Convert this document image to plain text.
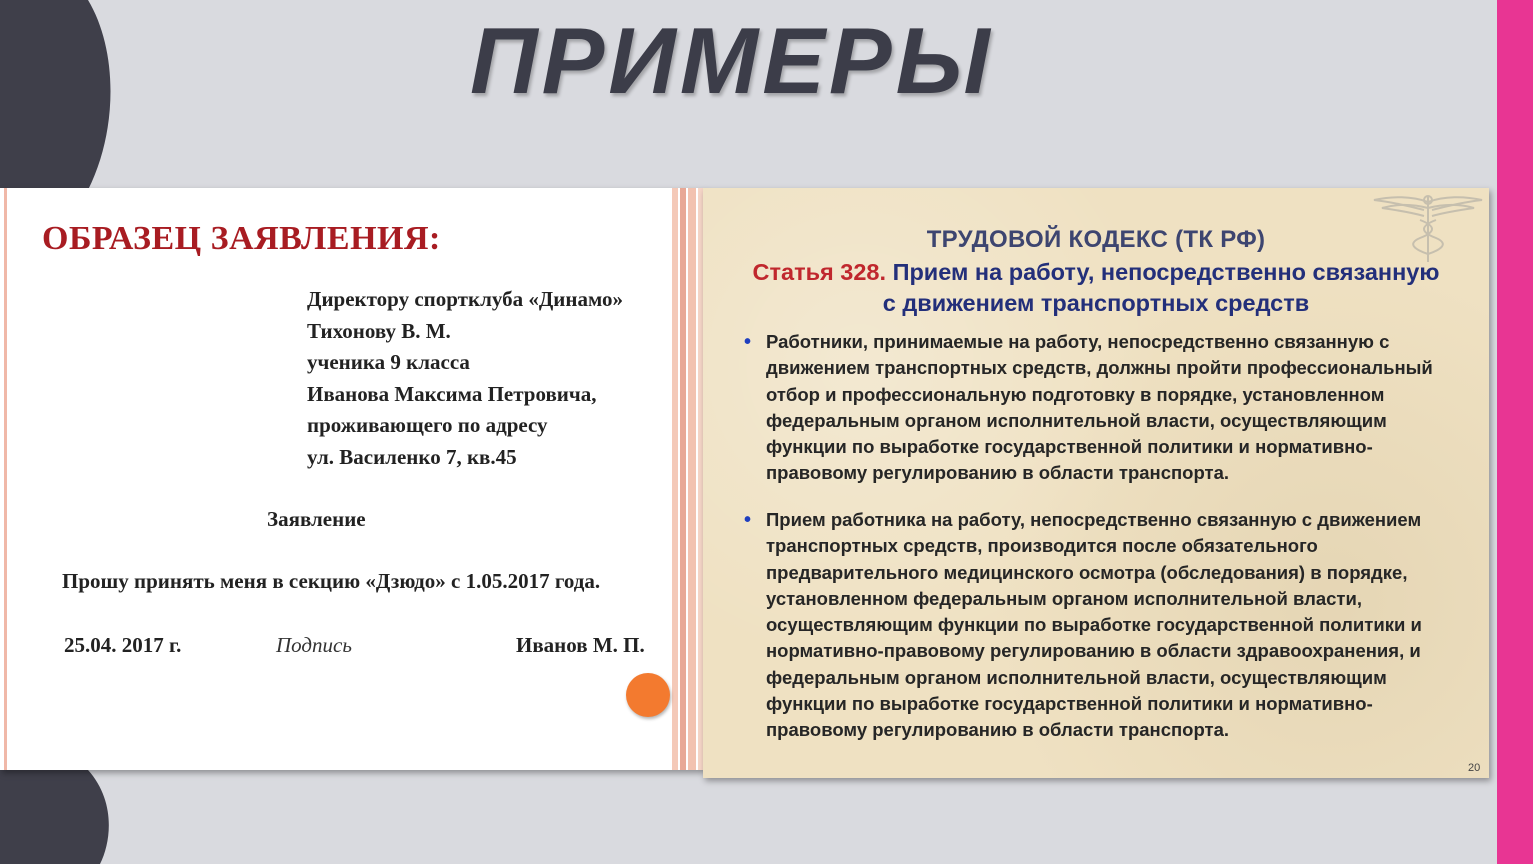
ПРИМЕРЫ
ОБРАЗЕЦ ЗАЯВЛЕНИЯ:
Директору спортклуба «Динамо»
Тихонову В. М.
ученика 9 класса
Иванова Максима Петровича,
проживающего по адресу
ул. Василенко 7, кв.45
Заявление
Прошу принять меня в секцию «Дзюдо» с 1.05.2017 года.
25.04. 2017 г.	Подпись	Иванов М. П.
ТРУДОВОЙ КОДЕКС (ТК РФ)
Статья 328. Прием на работу, непосредственно связанную
с движением транспортных средств
• Работники, принимаемые на работу, непосредственно связанную с движением транспортных средств, должны пройти профессиональный отбор и профессиональную подготовку в порядке, установленном федеральным органом исполнительной власти, осуществляющим функции по выработке государственной политики и нормативно-правовому регулированию в области транспорта.
• Прием работника на работу, непосредственно связанную с движением транспортных средств, производится после обязательного предварительного медицинского осмотра (обследования) в порядке, установленном федеральным органом исполнительной власти, осуществляющим функции по выработке государственной политики и нормативно-правовому регулированию в области здравоохранения, и федеральным органом исполнительной власти, осуществляющим функции по выработке государственной политики и нормативно-правовому регулированию в области транспорта.
20
